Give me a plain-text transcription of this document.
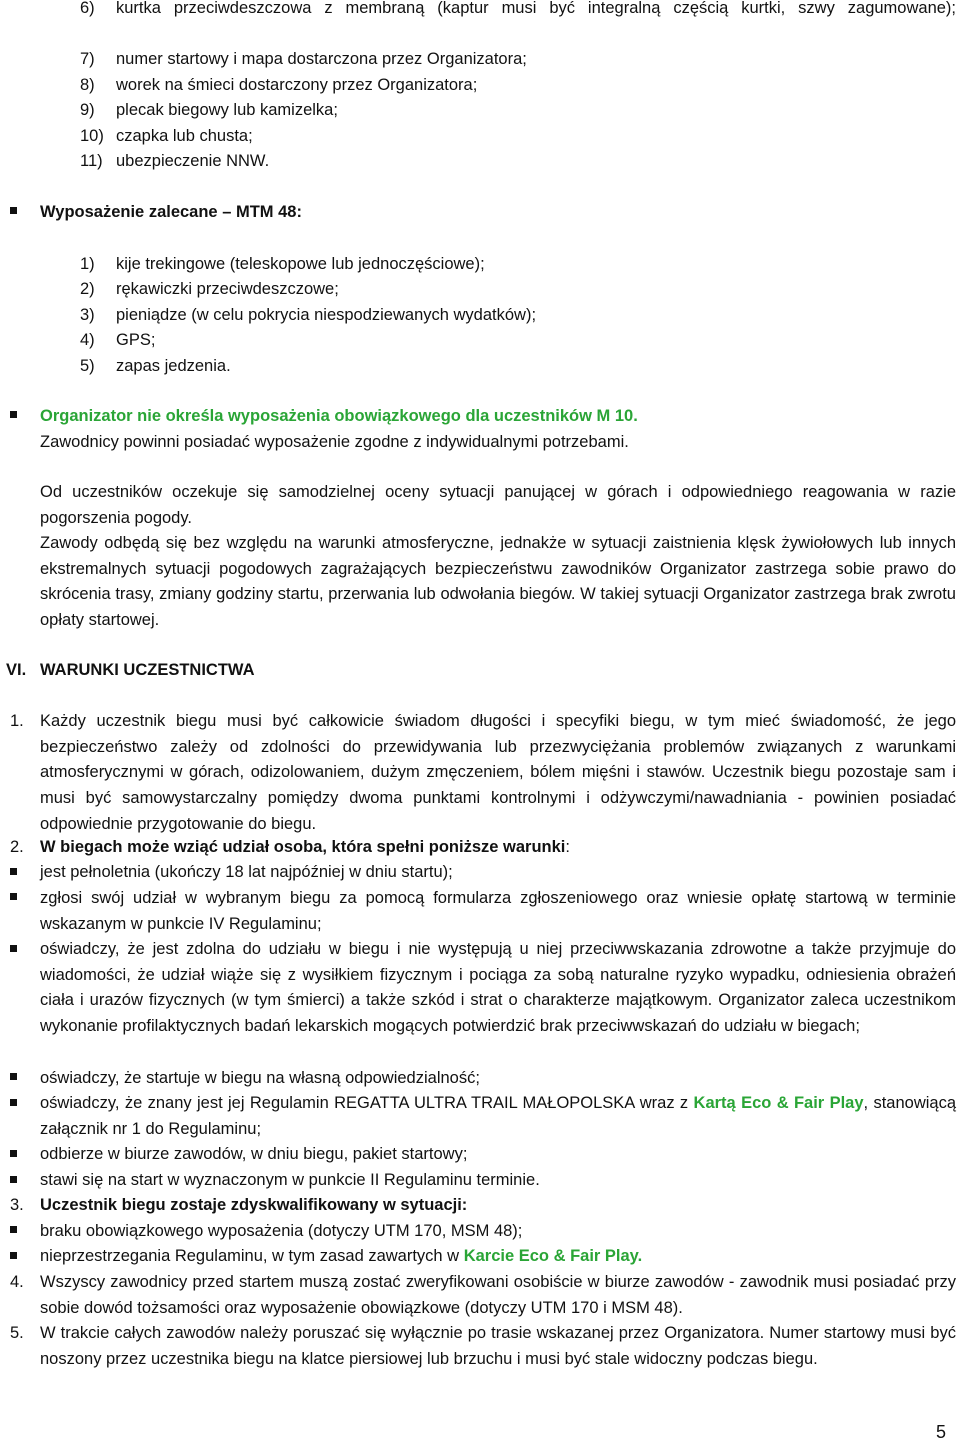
6) kurtka przeciwdeszczowa z membraną (kaptur musi być integralną częścią kurtki, szwy zagumowane);
7) numer startowy i mapa dostarczona przez Organizatora;
8) worek na śmieci dostarczony przez Organizatora;
9) plecak biegowy lub kamizelka;
10) czapka lub chusta;
11) ubezpieczenie NNW.
Wyposażenie zalecane – MTM 48:
1) kije trekingowe (teleskopowe lub jednoczęściowe);
2) rękawiczki przeciwdeszczowe;
3) pieniądze (w celu pokrycia niespodziewanych wydatków);
4) GPS;
5) zapas jedzenia.
Organizator nie określa wyposażenia obowiązkowego dla uczestników M 10.
Zawodnicy powinni posiadać wyposażenie zgodne z indywidualnymi potrzebami.
Od uczestników oczekuje się samodzielnej oceny sytuacji panującej w górach i odpowiedniego reagowania w razie pogorszenia pogody.
Zawody odbędą się bez względu na warunki atmosferyczne, jednakże w sytuacji zaistnienia klęsk żywiołowych lub innych ekstremalnych sytuacji pogodowych zagrażających bezpieczeństwu zawodników Organizator zastrzega sobie prawo do skrócenia trasy, zmiany godziny startu, przerwania lub odwołania biegów. W takiej sytuacji Organizator zastrzega brak zwrotu opłaty startowej.
VI. WARUNKI UCZESTNICTWA
1. Każdy uczestnik biegu musi być całkowicie świadom długości i specyfiki biegu, w tym mieć świadomość, że jego bezpieczeństwo zależy od zdolności do przewidywania lub przezwyciężania problemów związanych z warunkami atmosferycznymi w górach, odizolowaniem, dużym zmęczeniem, bólem mięśni i stawów. Uczestnik biegu pozostaje sam i musi być samowystarczalny pomiędzy dwoma punktami kontrolnymi i odżywczymi/nawadniania - powinien posiadać odpowiednie przygotowanie do biegu.
2. W biegach może wziąć udział osoba, która spełni poniższe warunki:
jest pełnoletnia (ukończy 18 lat najpóźniej w dniu startu);
zgłosi swój udział w wybranym biegu za pomocą formularza zgłoszeniowego oraz wniesie opłatę startową w terminie wskazanym w punkcie IV Regulaminu;
oświadczy, że jest zdolna do udziału w biegu i nie występują u niej przeciwwskazania zdrowotne a także przyjmuje do wiadomości, że udział wiąże się z wysiłkiem fizycznym i pociąga za sobą naturalne ryzyko wypadku, odniesienia obrażeń ciała i urazów fizycznych (w tym śmierci) a także szkód i strat o charakterze majątkowym. Organizator zaleca uczestnikom wykonanie profilaktycznych badań lekarskich mogących potwierdzić brak przeciwwskazań do udziału w biegach;
oświadczy, że startuje w biegu na własną odpowiedzialność;
oświadczy, że znany jest jej Regulamin REGATTA ULTRA TRAIL MAŁOPOLSKA wraz z Kartą Eco & Fair Play, stanowiącą załącznik nr 1 do Regulaminu;
odbierze w biurze zawodów, w dniu biegu, pakiet startowy;
stawi się na start w wyznaczonym w punkcie II Regulaminu terminie.
3. Uczestnik biegu zostaje zdyskwalifikowany w sytuacji:
braku obowiązkowego wyposażenia (dotyczy UTM 170, MSM 48);
nieprzestrzegania Regulaminu, w tym zasad zawartych w Karcie Eco & Fair Play.
4. Wszyscy zawodnicy przed startem muszą zostać zweryfikowani osobiście w biurze zawodów - zawodnik musi posiadać przy sobie dowód tożsamości oraz wyposażenie obowiązkowe (dotyczy UTM 170 i MSM 48).
5. W trakcie całych zawodów należy poruszać się wyłącznie po trasie wskazanej przez Organizatora. Numer startowy musi być noszony przez uczestnika biegu na klatce piersiowej lub brzuchu i musi być stale widoczny podczas biegu.
5
